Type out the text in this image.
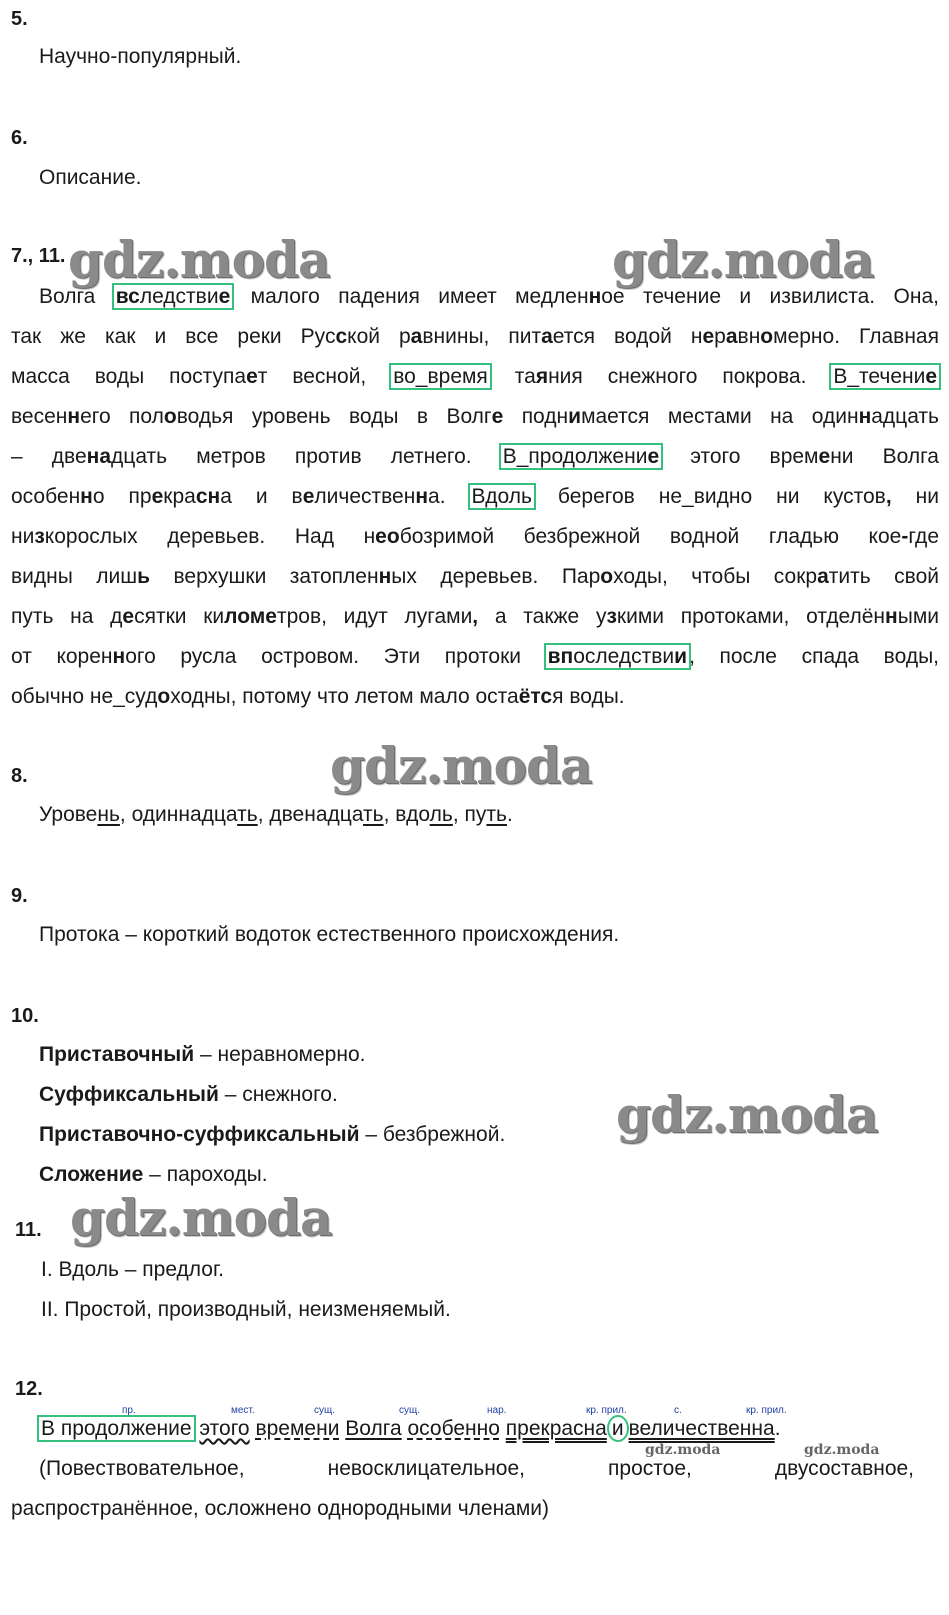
5.
Научно-популярный.
6.
Описание.
gdz.moda	gdz.moda
gdz.moda
gdz.moda
gdz.moda
gdz.moda	gdz.moda
7., 11.
Волга вследствие малого падения имеет медленное течение и извилиста. Она,
так же как и все реки Русской равнины, питается водой неравномерно. Главная
масса воды поступает весной, во_время таяния снежного покрова. В_течение
весеннего половодья уровень воды в Волге поднимается местами на одиннадцать
– двенадцать метров против летнего. В_продолжение этого времени Волга
особенно прекрасна и величественна. Вдоль берегов не_видно ни кустов, ни
низкорослых деревьев. Над необозримой безбрежной водной гладью кое-где
видны лишь верхушки затопленных деревьев. Пароходы, чтобы сократить свой
путь на десятки километров, идут лугами, а также узкими протоками, отделёнными
от коренного русла островом. Эти протоки впоследствии, после спада воды,
обычно не_судоходны, потому что летом мало остаётся воды.
8.
Уровень, одиннадцать, двенадцать, вдоль, путь.
9.
Протока – короткий водоток естественного происхождения.
10.
Приставочный – неравномерно.
Суффиксальный – снежного.
Приставочно-суффиксальный – безбрежной.
Сложение – пароходы.
11.
I. Вдоль – предлог.
II. Простой, производный, неизменяемый.
12.
пр.	мест.	сущ.	сущ.	нар.	кр. прил.	с.	кр. прил.
В продолжение этого времени Волга особенно прекрасна и величественна.
(Повествовательное,	невосклицательное,	простое,	двусоставное,
распространённое, осложнено однородными членами)
